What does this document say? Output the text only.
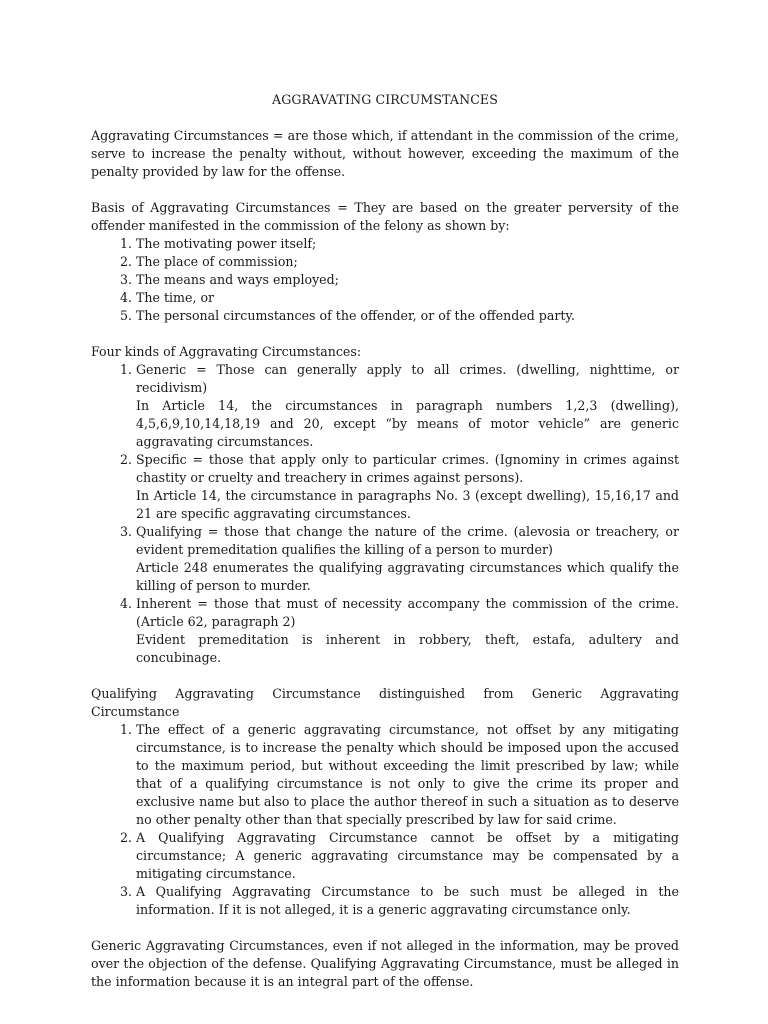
AGGRAVATING CIRCUMSTANCES

Aggravating Circumstances = are those which, if attendant in the commission of the crime, serve to increase the penalty without, without however, exceeding the maximum of the penalty provided by law for the offense.

Basis of Aggravating Circumstances = They are based on the greater perversity of the offender manifested in the commission of the felony as shown by:

1. The motivating power itself;
2. The place of commission;
3. The means and ways employed;
4. The time, or
5. The personal circumstances of the offender, or of the offended party.

Four kinds of Aggravating Circumstances:

1. Generic = Those can generally apply to all crimes. (dwelling, nighttime, or recidivism)
In Article 14, the circumstances in paragraph numbers 1,2,3 (dwelling), 4,5,6,9,10,14,18,19 and 20, except “by means of motor vehicle” are generic aggravating circumstances.
2. Specific = those that apply only to particular crimes. (Ignominy in crimes against chastity or cruelty and treachery in crimes against persons).
In Article 14, the circumstance in paragraphs No. 3 (except dwelling), 15,16,17 and 21 are specific aggravating circumstances.
3. Qualifying = those that change the nature of the crime. (alevosia or treachery, or evident premeditation qualifies the killing of a person to murder)
Article 248 enumerates the qualifying aggravating circumstances which qualify the killing of person to murder.
4. Inherent = those that must of necessity accompany the commission of the crime. (Article 62, paragraph 2)
Evident premeditation is inherent in robbery, theft, estafa, adultery and concubinage.

Qualifying Aggravating Circumstance distinguished from Generic Aggravating Circumstance

1. The effect of a generic aggravating circumstance, not offset by any mitigating circumstance, is to increase the penalty which should be imposed upon the accused to the maximum period, but without exceeding the limit prescribed by law; while that of a qualifying circumstance is not only to give the crime its proper and exclusive name but also to place the author thereof in such a situation as to deserve no other penalty other than that specially prescribed by law for said crime.
2. A Qualifying Aggravating Circumstance cannot be offset by a mitigating circumstance; A generic aggravating circumstance may be compensated by a mitigating circumstance.
3. A Qualifying Aggravating Circumstance to be such must be alleged in the information. If it is not alleged, it is a generic aggravating circumstance only.

Generic Aggravating Circumstances, even if not alleged in the information, may be proved over the objection of the defense. Qualifying Aggravating Circumstance, must be alleged in the information because it is an integral part of the offense.
